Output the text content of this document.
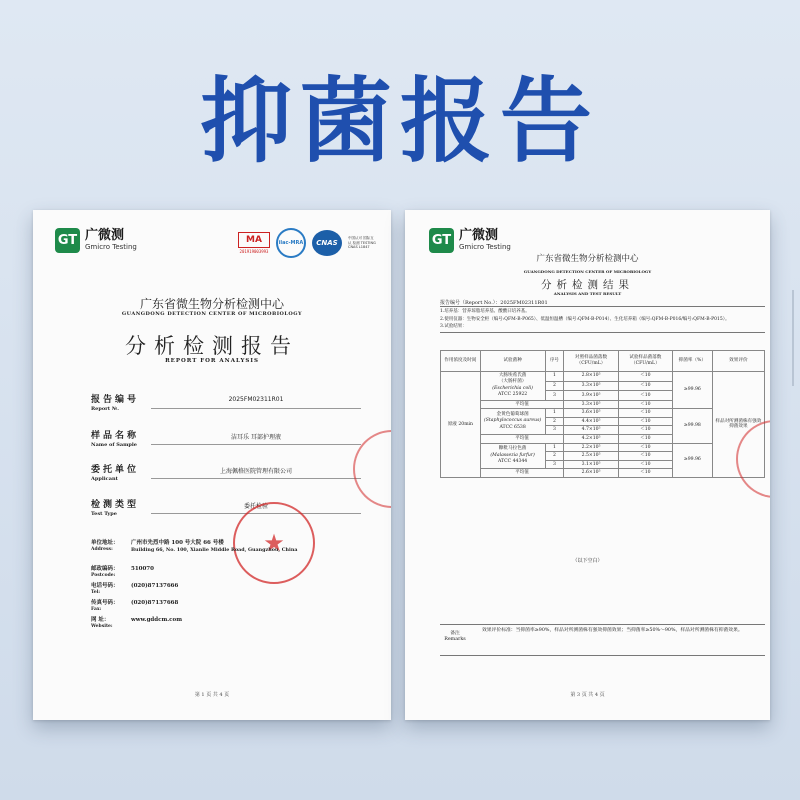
抑菌报告
GT 广微测
Gmicro Testing
MA
201919003993
ilac-MRA	CNAS
中国认可 国际互认 检测 TESTING CNAS L1847
广东省微生物分析检测中心
GUANGDONG DETECTION CENTER OF MICROBIOLOGY
分析检测报告
REPORT FOR ANALYSIS
报告编号
Report №.
2025FM02311R01
样品名称
Name of Sample
洁耳乐 耳部护理液
委托单位
Applicant
上海佩格医院管理有限公司
检测类型
Test Type
委托检验
★
单位地址：
Address:
广州市先烈中路 100 号大院 66 号楼
Building 66, No. 100, Xianlie Middle Road, Guangzhou, China
邮政编码：
Postcode:
510070
电话号码：
Tel:
(020)87137666
传真号码：
Fax:
(020)87137668
网 址：
Website:
www.gddcm.com
第 1 页 共 4 页
GT 广微测
Gmicro Testing
广东省微生物分析检测中心
GUANGDONG DETECTION CENTER OF MICROBIOLOGY
分析检测结果
ANALYSIS AND TEST RESULT
报告编号（Report No.）：2025FM02311R01
1.培养基：营养琼脂培养基、酸酸曰培养基。
2.使用仪器：生物安全柜（编号:QFM-B-P065）、低温恒温槽（编号:QFM-B-P014）、生化培养箱（编号:QFM-B-P016/编号:QFM-B-P015）。
3.试验结果：
作用浓度及时间	试验菌种	序号	对照样品菌落数（CFU/mL）	试验样品菌落数（CFU/mL）	抑菌率（%）	效果评价
原液 20min	大肠埃希氏菌
（大肠杆菌）
(Escherichia coli)
ATCC 25922	1	2.8×10⁵	＜10	≥99.96	样品对所测菌株有强效抑菌效果
		2	3.3×10⁵	＜10		
		3	3.9×10⁵	＜10		
	平均值		3.3×10⁵	＜10		
	金黄色葡萄球菌
(Staphylococcus aureus)
ATCC 6538	1	3.6×10⁵	＜10	≥99.98	
		2	4.4×10⁵	＜10		
		3	4.7×10⁵	＜10		
	平均值		4.2×10⁵	＜10		
	糠秕马拉色菌
(Malassezia furfur)
ATCC 44344	1	2.2×10⁵	＜10	≥99.96	
		2	2.5×10⁵	＜10		
		3	3.1×10⁵	＜10		
	平均值		2.6×10⁵	＜10		
（以下空白）
备注 Remarks
效果评价标准：当抑菌率≥90%，样品对所测菌株有强效抑菌效果；当抑菌率≥50%～90%，样品对所测菌株有抑菌效果。
第 3 页 共 4 页
